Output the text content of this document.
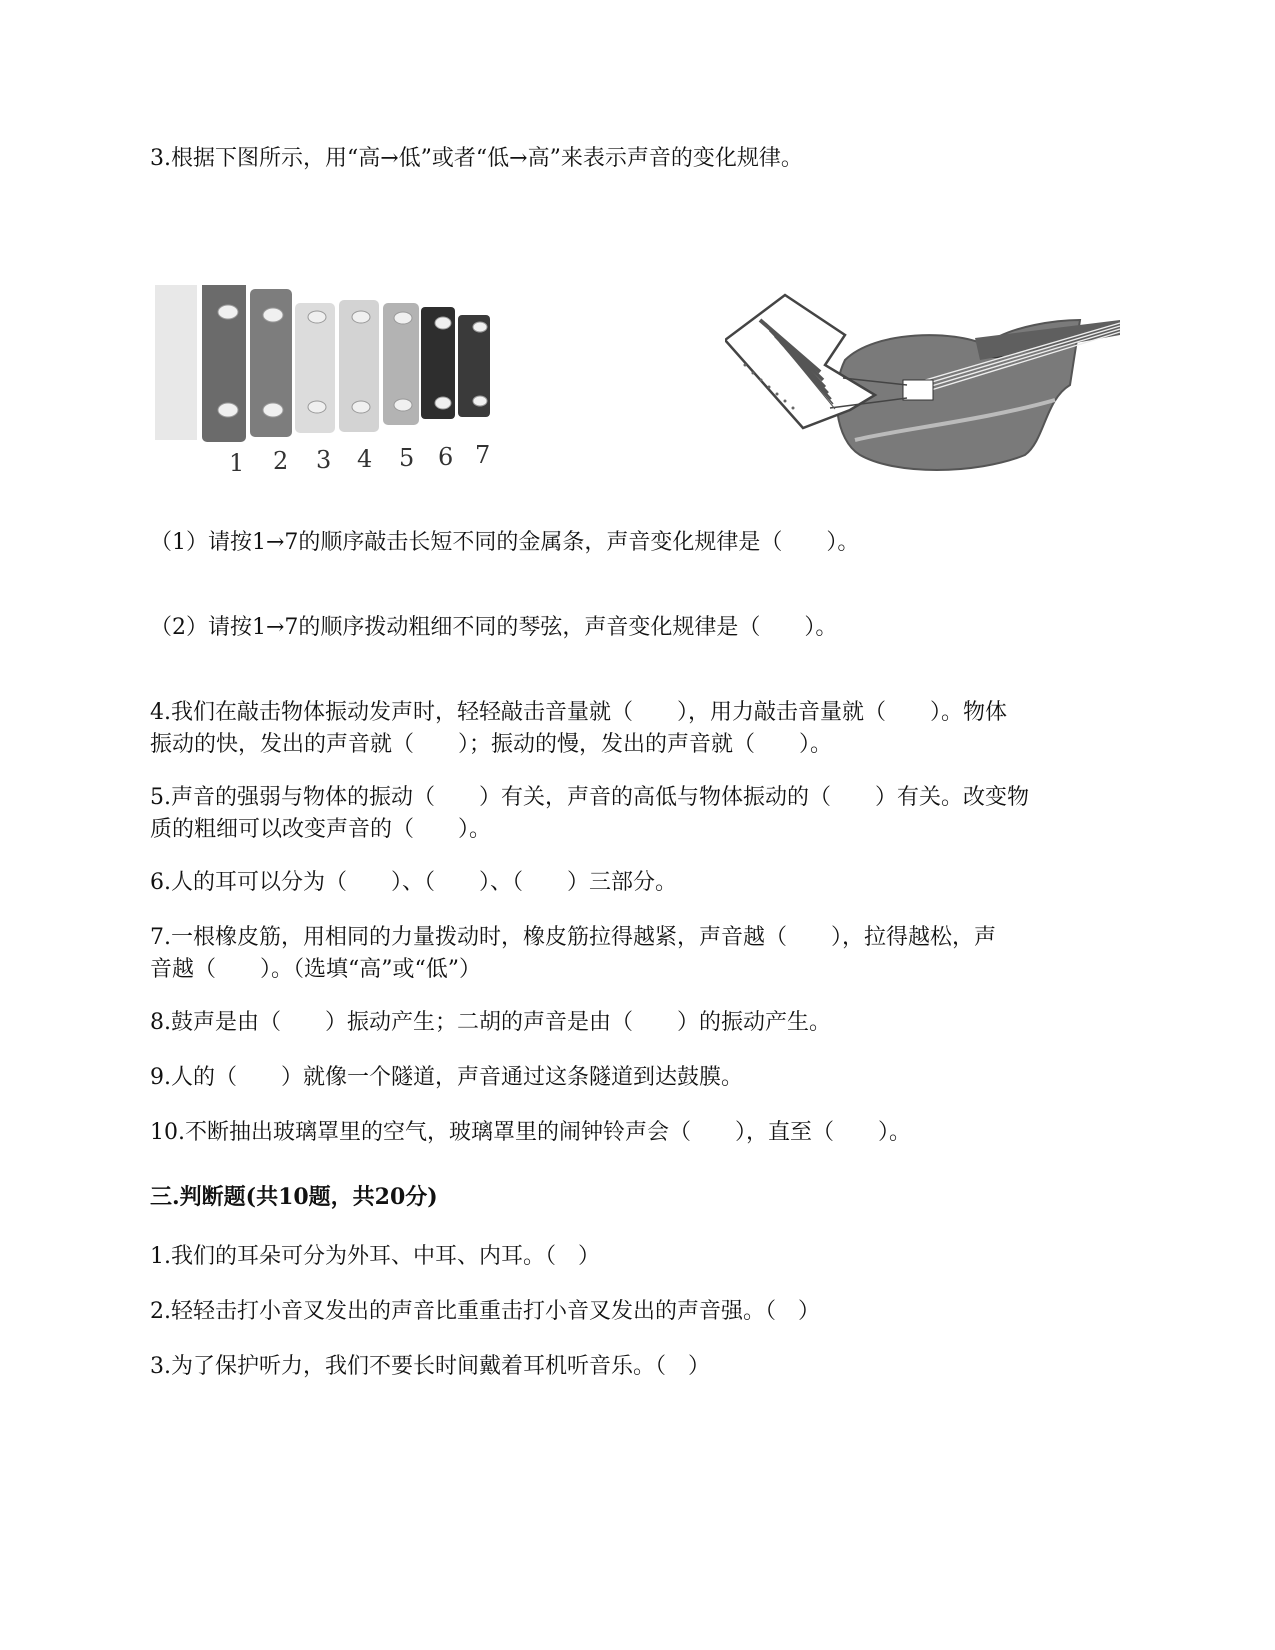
3.根据下图所示，用“高→低”或者“低→高”来表示声音的变化规律。
1 2 3 4 5 6 7
（1）请按1→7的顺序敲击长短不同的金属条，声音变化规律是（　　）。
（2）请按1→7的顺序拨动粗细不同的琴弦，声音变化规律是（　　）。
4.我们在敲击物体振动发声时，轻轻敲击音量就（　　），用力敲击音量就（　　）。物体
振动的快，发出的声音就（　　）；振动的慢，发出的声音就（　　）。
5.声音的强弱与物体的振动（　　）有关，声音的高低与物体振动的（　　）有关。改变物
质的粗细可以改变声音的（　　）。
6.人的耳可以分为（　　）、（　　）、（　　）三部分。
7.一根橡皮筋，用相同的力量拨动时，橡皮筋拉得越紧，声音越（　　），拉得越松，声
音越（　　）。（选填“高”或“低”）
8.鼓声是由（　　）振动产生；二胡的声音是由（　　）的振动产生。
9.人的（　　）就像一个隧道，声音通过这条隧道到达鼓膜。
10.不断抽出玻璃罩里的空气，玻璃罩里的闹钟铃声会（　　），直至（　　）。
三.判断题(共10题，共20分)
1.我们的耳朵可分为外耳、中耳、内耳。（　）
2.轻轻击打小音叉发出的声音比重重击打小音叉发出的声音强。（　）
3.为了保护听力，我们不要长时间戴着耳机听音乐。（　）
